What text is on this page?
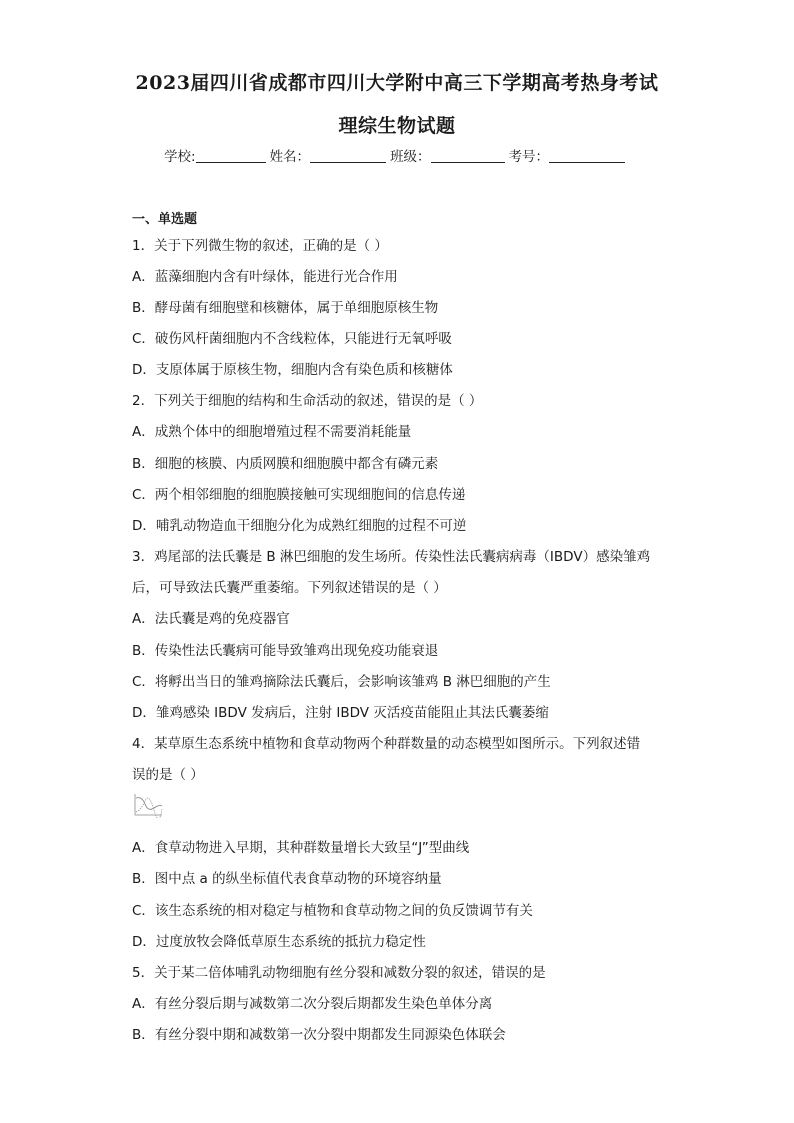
2023届四川省成都市四川大学附中高三下学期高考热身考试
理综生物试题
学校:	姓名：	班级：	考号：
一、单选题
1．关于下列微生物的叙述，正确的是（ ）
A．蓝藻细胞内含有叶绿体，能进行光合作用
B．酵母菌有细胞壁和核糖体，属于单细胞原核生物
C．破伤风杆菌细胞内不含线粒体，只能进行无氧呼吸
D．支原体属于原核生物，细胞内含有染色质和核糖体
2．下列关于细胞的结构和生命活动的叙述，错误的是（ ）
A．成熟个体中的细胞增殖过程不需要消耗能量
B．细胞的核膜、内质网膜和细胞膜中都含有磷元素
C．两个相邻细胞的细胞膜接触可实现细胞间的信息传递
D．哺乳动物造血干细胞分化为成熟红细胞的过程不可逆
3．鸡尾部的法氏囊是 B 淋巴细胞的发生场所。传染性法氏囊病病毒（IBDV）感染雏鸡
后，可导致法氏囊严重萎缩。下列叙述错误的是（ ）
A．法氏囊是鸡的免疫器官
B．传染性法氏囊病可能导致雏鸡出现免疫功能衰退
C．将孵出当日的雏鸡摘除法氏囊后，会影响该雏鸡 B 淋巴细胞的产生
D．雏鸡感染 IBDV 发病后，注射 IBDV 灭活疫苗能阻止其法氏囊萎缩
4．某草原生态系统中植物和食草动物两个种群数量的动态模型如图所示。下列叙述错
误的是（ ）
A．食草动物进入早期，其种群数量增长大致呈“J”型曲线
B．图中点 a 的纵坐标值代表食草动物的环境容纳量
C．该生态系统的相对稳定与植物和食草动物之间的负反馈调节有关
D．过度放牧会降低草原生态系统的抵抗力稳定性
5．关于某二倍体哺乳动物细胞有丝分裂和减数分裂的叙述，错误的是
A．有丝分裂后期与减数第二次分裂后期都发生染色单体分离
B．有丝分裂中期和减数第一次分裂中期都发生同源染色体联会
